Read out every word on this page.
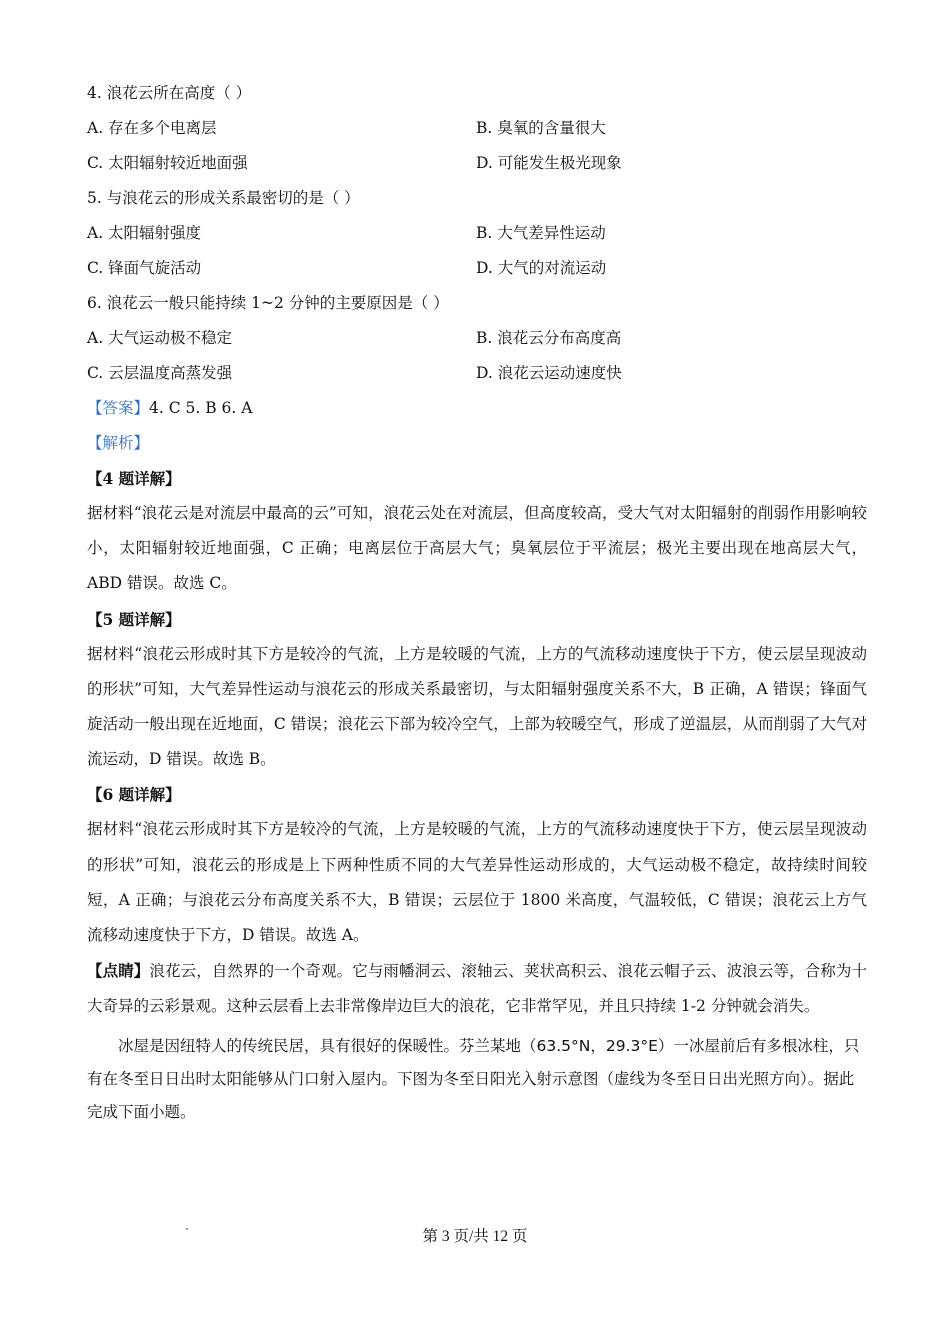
4. 浪花云所在高度（ ）
A. 存在多个电离层	B. 臭氧的含量很大
C. 太阳辐射较近地面强	D. 可能发生极光现象
5. 与浪花云的形成关系最密切的是（ ）
A. 太阳辐射强度	B. 大气差异性运动
C. 锋面气旋活动	D. 大气的对流运动
6. 浪花云一般只能持续 1~2 分钟的主要原因是（ ）
A. 大气运动极不稳定	B. 浪花云分布高度高
C. 云层温度高蒸发强	D. 浪花云运动速度快
【答案】4. C 5. B 6. A
【解析】
【4 题详解】
据材料“浪花云是对流层中最高的云”可知，浪花云处在对流层，但高度较高，受大气对太阳辐射的削弱作用影响较小，太阳辐射较近地面强，C 正确；电离层位于高层大气；臭氧层位于平流层；极光主要出现在地高层大气，ABD 错误。故选 C。
【5 题详解】
据材料“浪花云形成时其下方是较冷的气流，上方是较暖的气流，上方的气流移动速度快于下方，使云层呈现波动的形状”可知，大气差异性运动与浪花云的形成关系最密切，与太阳辐射强度关系不大，B 正确，A 错误；锋面气旋活动一般出现在近地面，C 错误；浪花云下部为较冷空气，上部为较暖空气，形成了逆温层，从而削弱了大气对流运动，D 错误。故选 B。
【6 题详解】
据材料“浪花云形成时其下方是较冷的气流，上方是较暖的气流，上方的气流移动速度快于下方，使云层呈现波动的形状”可知，浪花云的形成是上下两种性质不同的大气差异性运动形成的，大气运动极不稳定，故持续时间较短，A 正确；与浪花云分布高度关系不大，B 错误；云层位于 1800 米高度，气温较低，C 错误；浪花云上方气流移动速度快于下方，D 错误。故选 A。
【点睛】浪花云，自然界的一个奇观。它与雨幡洞云、滚轴云、荚状高积云、浪花云帽子云、波浪云等，合称为十大奇异的云彩景观。这种云层看上去非常像岸边巨大的浪花，它非常罕见，并且只持续 1-2 分钟就会消失。
冰屋是因纽特人的传统民居，具有很好的保暖性。芬兰某地（63.5°N，29.3°E）一冰屋前后有多根冰柱，只有在冬至日日出时太阳能够从门口射入屋内。下图为冬至日阳光入射示意图（虚线为冬至日日出光照方向）。据此完成下面小题。
第 3 页/共 12 页
